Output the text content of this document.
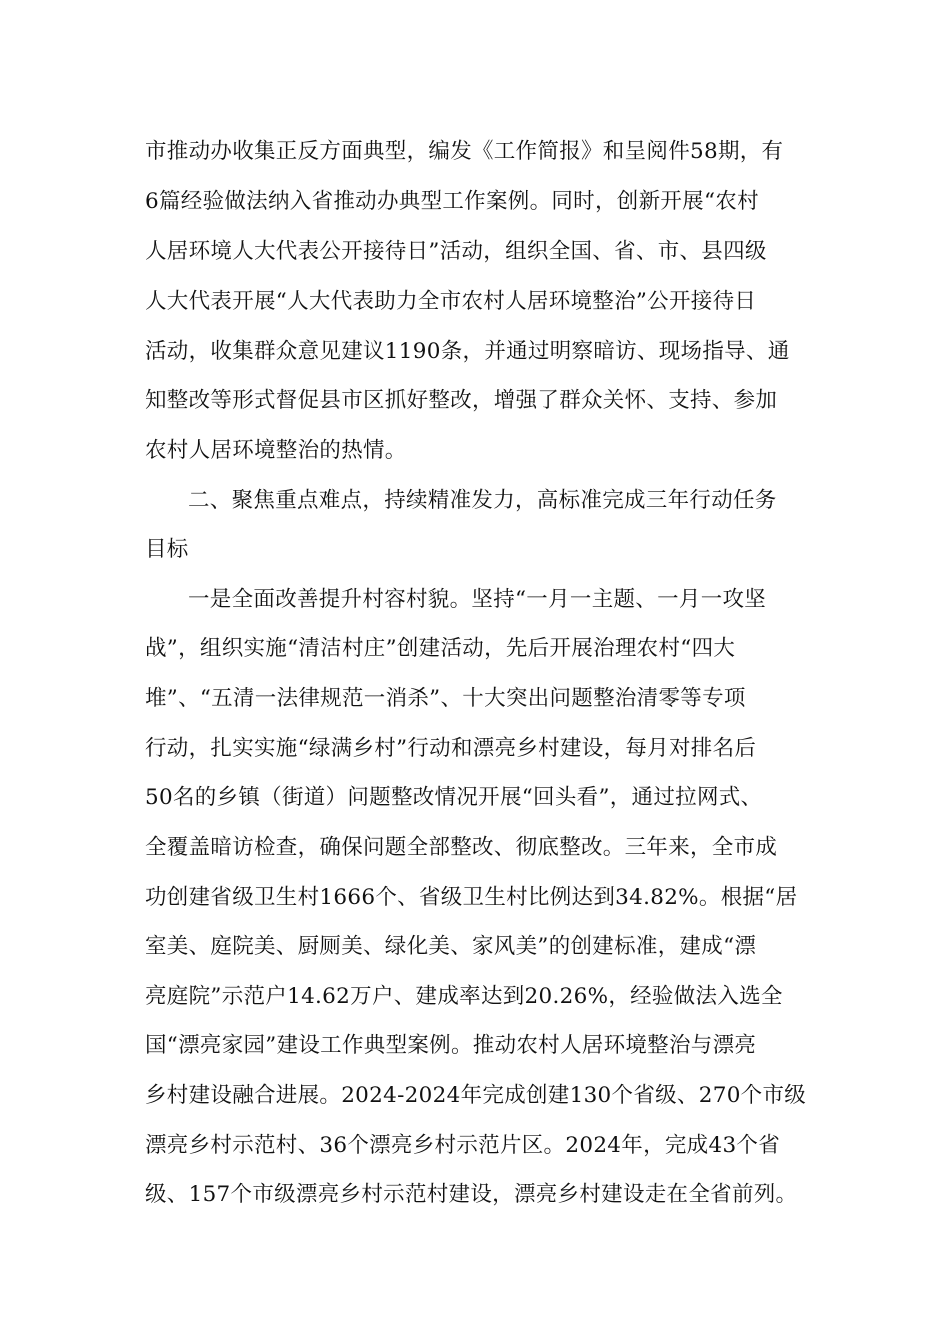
市推动办收集正反方面典型，编发《工作简报》和呈阅件58期，有
6篇经验做法纳入省推动办典型工作案例。同时，创新开展“农村
人居环境人大代表公开接待日”活动，组织全国、省、市、县四级
人大代表开展“人大代表助力全市农村人居环境整治”公开接待日
活动，收集群众意见建议1190条，并通过明察暗访、现场指导、通
知整改等形式督促县市区抓好整改，增强了群众关怀、支持、参加
农村人居环境整治的热情。
二、聚焦重点难点，持续精准发力，高标准完成三年行动任务
目标
一是全面改善提升村容村貌。坚持“一月一主题、一月一攻坚
战”，组织实施“清洁村庄”创建活动，先后开展治理农村“四大
堆”、“五清一法律规范一消杀”、十大突出问题整治清零等专项
行动，扎实实施“绿满乡村”行动和漂亮乡村建设，每月对排名后
50名的乡镇（街道）问题整改情况开展“回头看”，通过拉网式、
全覆盖暗访检查，确保问题全部整改、彻底整改。三年来，全市成
功创建省级卫生村1666个、省级卫生村比例达到34.82%。根据“居
室美、庭院美、厨厕美、绿化美、家风美”的创建标准，建成“漂
亮庭院”示范户14.62万户、建成率达到20.26%，经验做法入选全
国“漂亮家园”建设工作典型案例。推动农村人居环境整治与漂亮
乡村建设融合进展。2024-2024年完成创建130个省级、270个市级
漂亮乡村示范村、36个漂亮乡村示范片区。2024年，完成43个省
级、157个市级漂亮乡村示范村建设，漂亮乡村建设走在全省前列。
